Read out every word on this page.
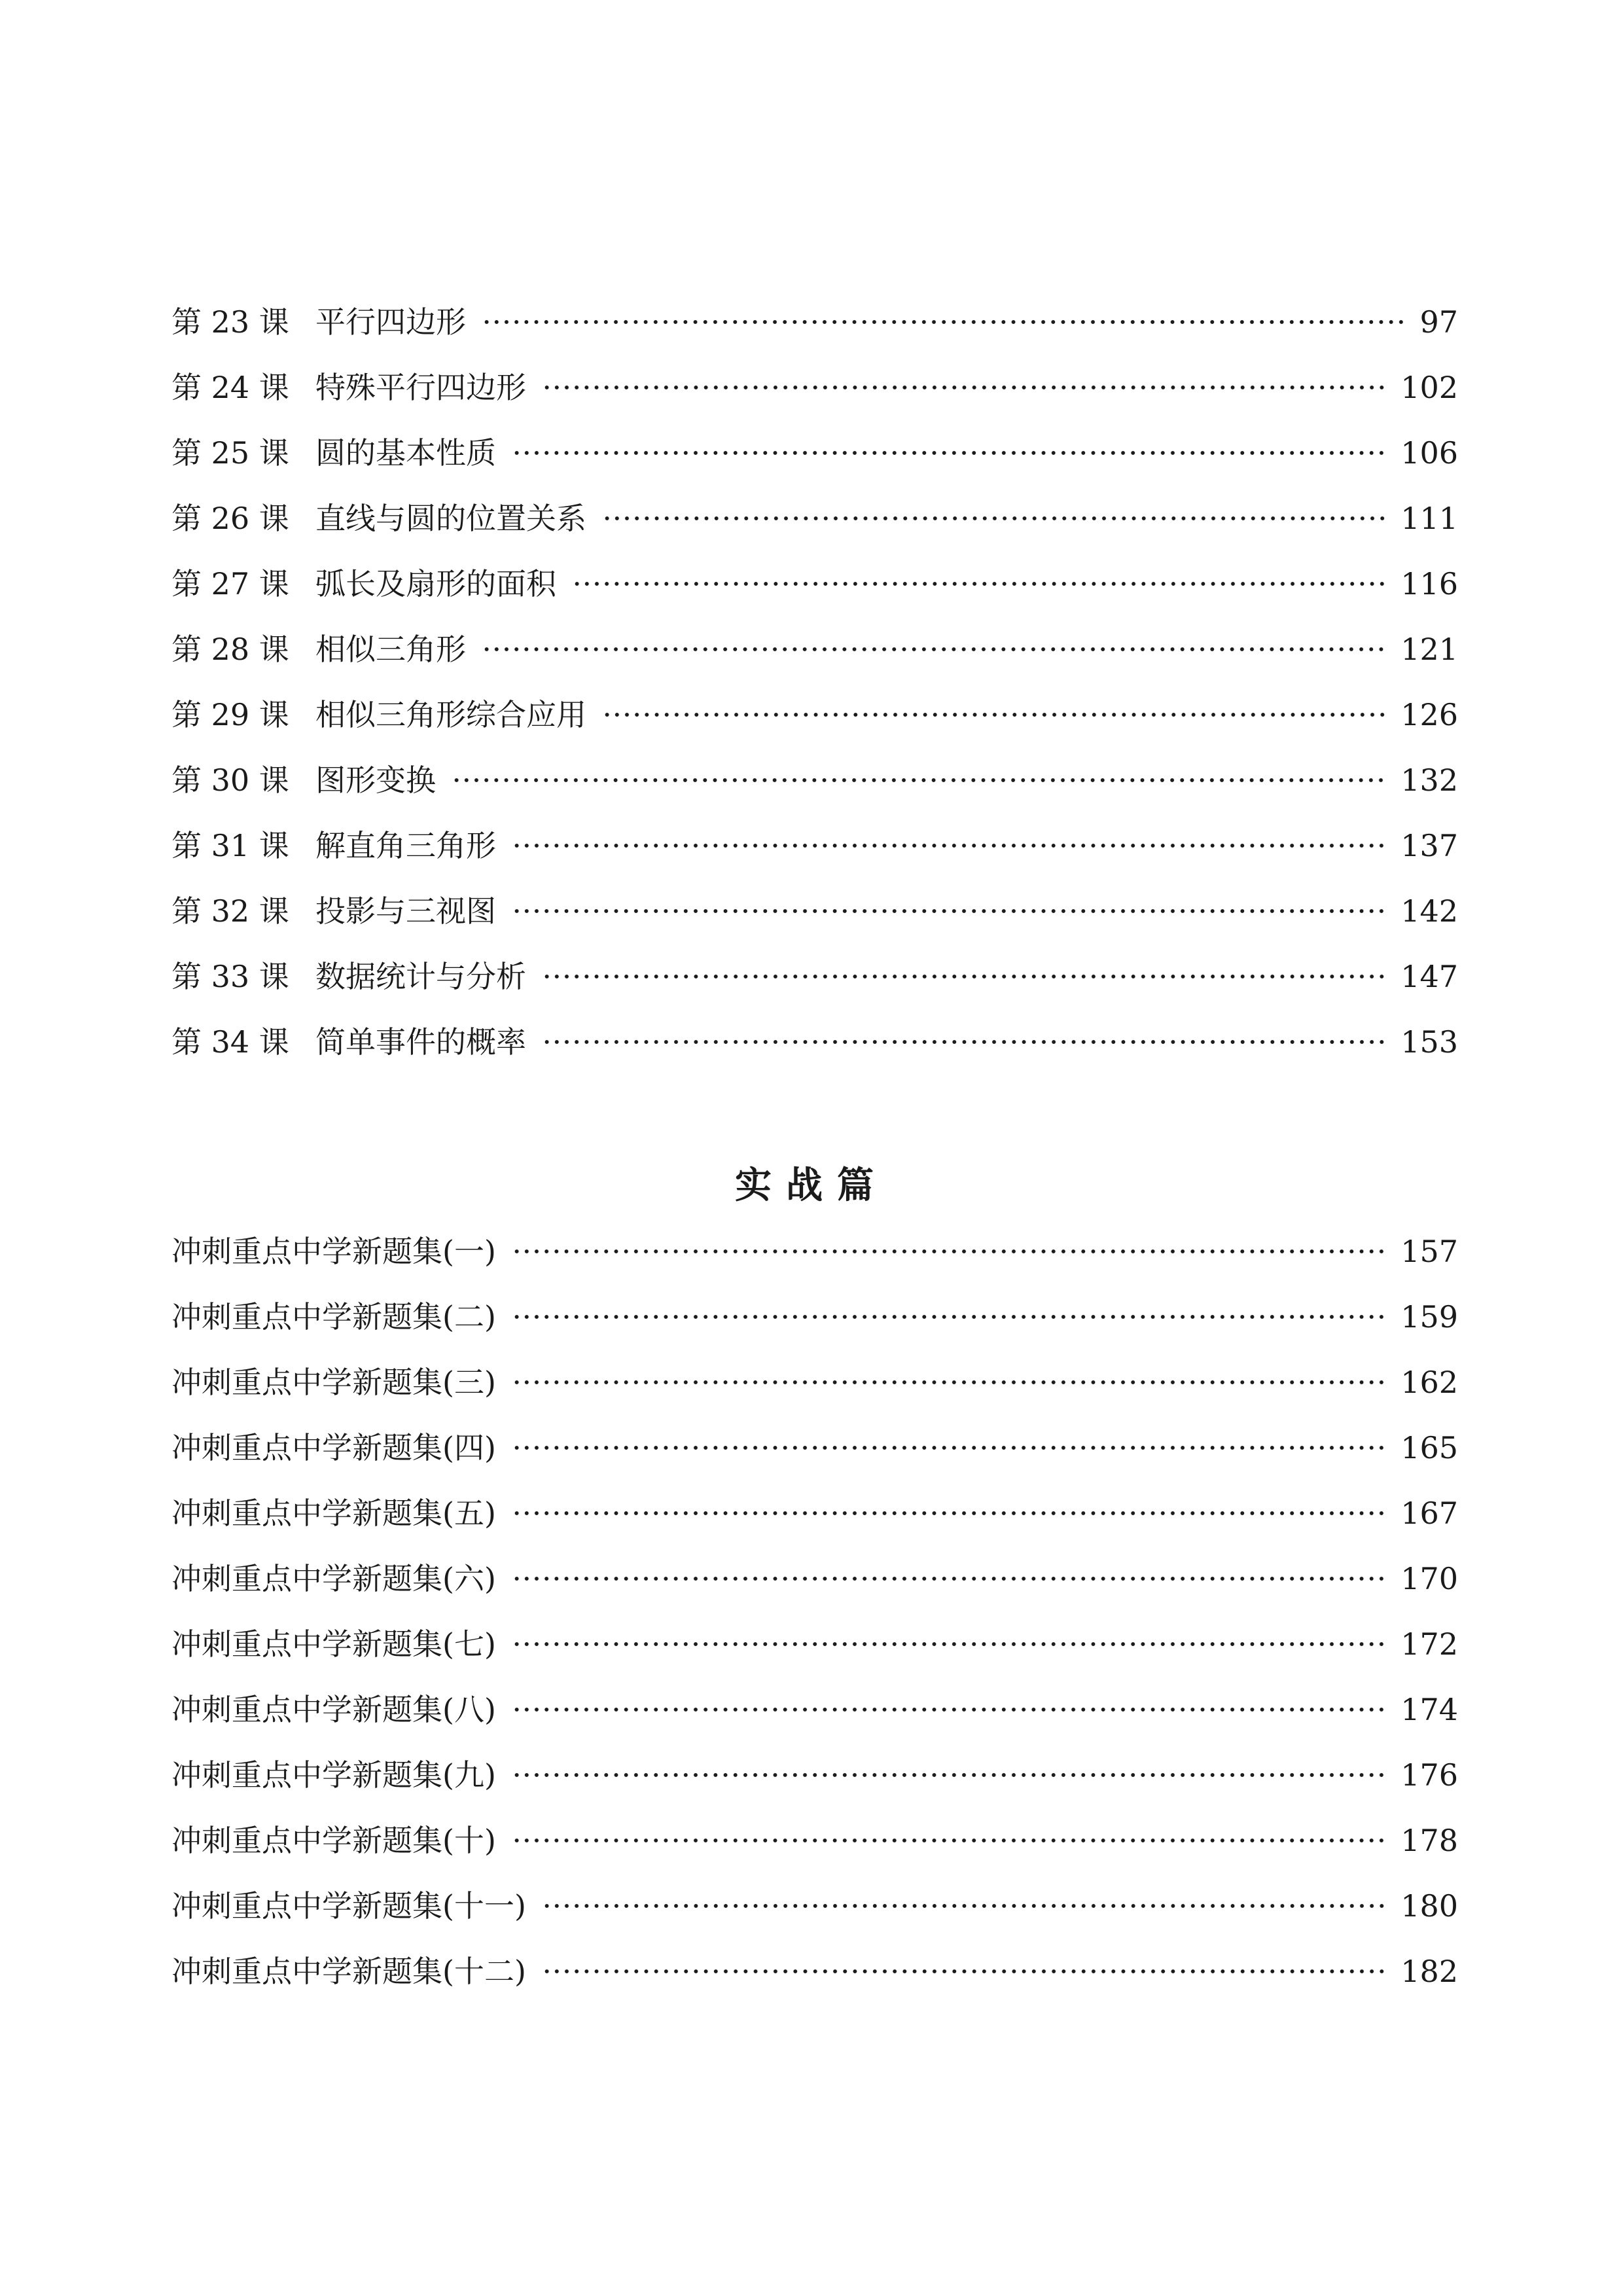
第 23 课 平行四边形	97
第 24 课 特殊平行四边形	102
第 25 课 圆的基本性质	106
第 26 课 直线与圆的位置关系	111
第 27 课 弧长及扇形的面积	116
第 28 课 相似三角形	121
第 29 课 相似三角形综合应用	126
第 30 课 图形变换	132
第 31 课 解直角三角形	137
第 32 课 投影与三视图	142
第 33 课 数据统计与分析	147
第 34 课 简单事件的概率	153
冲刺重点中学新题集(一)	157
冲刺重点中学新题集(二)	159
冲刺重点中学新题集(三)	162
冲刺重点中学新题集(四)	165
冲刺重点中学新题集(五)	167
冲刺重点中学新题集(六)	170
冲刺重点中学新题集(七)	172
冲刺重点中学新题集(八)	174
冲刺重点中学新题集(九)	176
冲刺重点中学新题集(十)	178
冲刺重点中学新题集(十一)	180
冲刺重点中学新题集(十二)	182
实战篇
